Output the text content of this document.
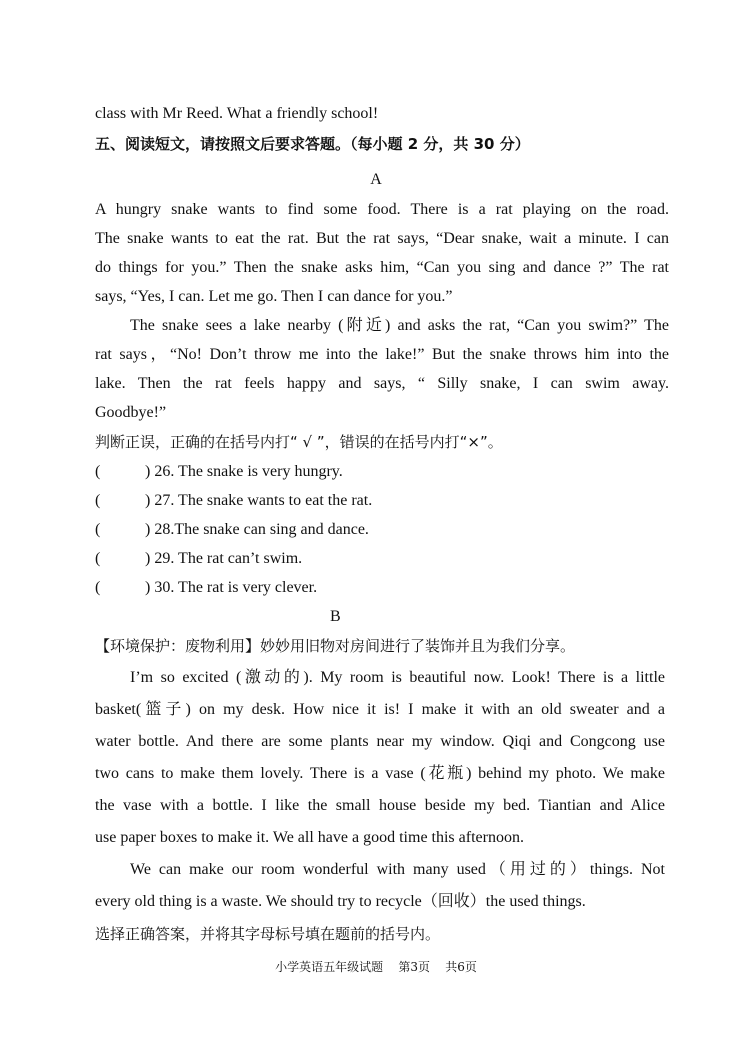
class with Mr Reed. What a friendly school!
五、阅读短文，请按照文后要求答题。（每小题 2 分，共 30 分）
A
A hungry snake wants to find some food. There is a rat playing on the road.
The snake wants to eat the rat. But the rat says, “Dear snake, wait a minute. I can
do things for you.” Then the snake asks him, “Can you sing and dance ?” The rat
says, “Yes, I can. Let me go. Then I can dance for you.”
The snake sees a lake nearby (附近) and asks the rat, “Can you swim?” The
rat says，“No! Don’t throw me into the lake!” But the snake throws him into the
lake. Then the rat feels happy and says, “ Silly snake, I can swim away.
Goodbye!”
判断正误，正确的在括号内打“ √ ”，错误的在括号内打“×”。
(	) 26. The snake is very hungry.
(	) 27. The snake wants to eat the rat.
(	) 28.The snake can sing and dance.
(	) 29. The rat can’t swim.
(	) 30. The rat is very clever.
B
【环境保护：废物利用】妙妙用旧物对房间进行了装饰并且为我们分享。
I’m so excited (激动的). My room is beautiful now. Look! There is a little
basket(篮子) on my desk. How nice it is! I make it with an old sweater and a
water bottle. And there are some plants near my window. Qiqi and Congcong use
two cans to make them lovely. There is a vase (花瓶) behind my photo. We make
the vase with a bottle. I like the small house beside my bed. Tiantian and Alice
use paper boxes to make it. We all have a good time this afternoon.
We can make our room wonderful with many used（用过的）things. Not
every old thing is a waste. We should try to recycle（回收）the used things.
选择正确答案，并将其字母标号填在题前的括号内。
小学英语五年级试题    第3页    共6页
